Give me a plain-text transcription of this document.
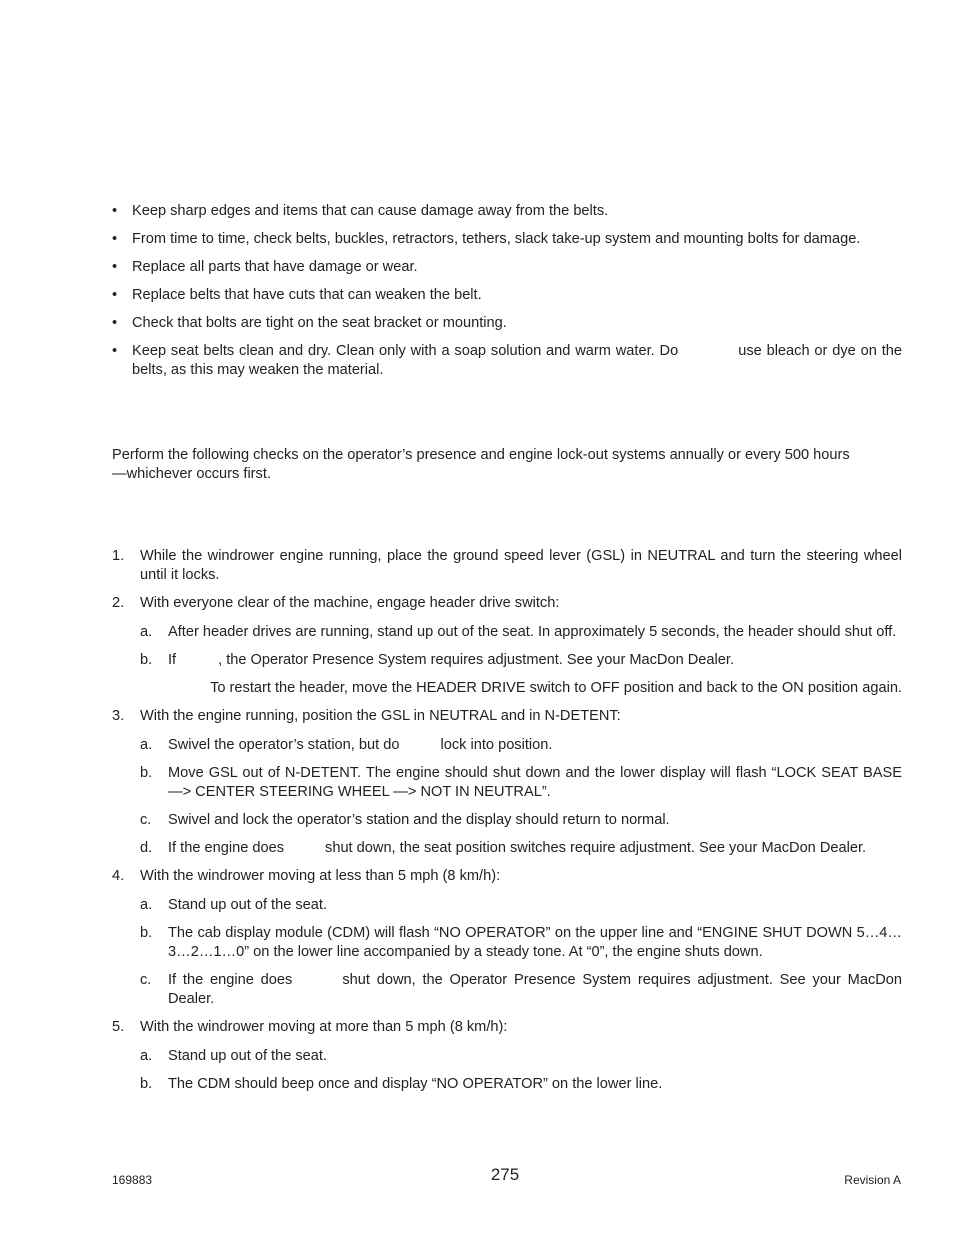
• Keep sharp edges and items that can cause damage away from the belts.
• From time to time, check belts, buckles, retractors, tethers, slack take-up system and mounting bolts for damage.
• Replace all parts that have damage or wear.
• Replace belts that have cuts that can weaken the belt.
• Check that bolts are tight on the seat bracket or mounting.
• Keep seat belts clean and dry. Clean only with a soap solution and warm water. Do	use bleach or dye on the belts, as this may weaken the material.

Perform the following checks on the operator’s presence and engine lock-out systems annually or every 500 hours—whichever occurs first.

1. While the windrower engine running, place the ground speed lever (GSL) in NEUTRAL and turn the steering wheel until it locks.
2. With everyone clear of the machine, engage header drive switch:
a. After header drives are running, stand up out of the seat. In approximately 5 seconds, the header should shut off.
b. If	, the Operator Presence System requires adjustment. See your MacDon Dealer.

To restart the header, move the HEADER DRIVE switch to OFF position and back to the ON position again.

3. With the engine running, position the GSL in NEUTRAL and in N-DETENT:
a. Swivel the operator’s station, but do	lock into position.
b. Move GSL out of N-DETENT. The engine should shut down and the lower display will flash “LOCK SEAT BASE —> CENTER STEERING WHEEL —> NOT IN NEUTRAL”.
c. Swivel and lock the operator’s station and the display should return to normal.
d. If the engine does	shut down, the seat position switches require adjustment. See your MacDon Dealer.
4. With the windrower moving at less than 5 mph (8 km/h):
a. Stand up out of the seat.
b. The cab display module (CDM) will flash “NO OPERATOR” on the upper line and “ENGINE SHUT DOWN 5…4…3…2…1…0” on the lower line accompanied by a steady tone. At “0”, the engine shuts down.
c. If the engine does	shut down, the Operator Presence System requires adjustment. See your MacDon Dealer.
5. With the windrower moving at more than 5 mph (8 km/h):
a. Stand up out of the seat.
b. The CDM should beep once and display “NO OPERATOR” on the lower line.
169883	275	Revision A
